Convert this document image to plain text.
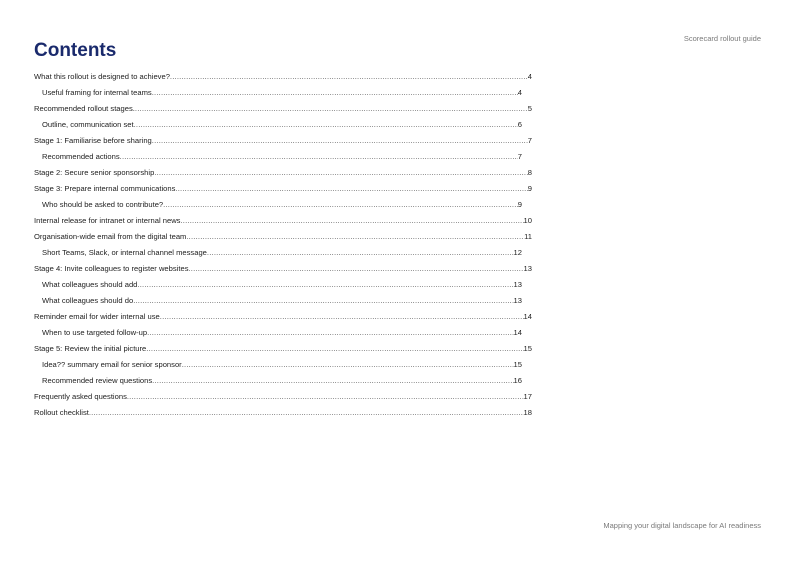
Scorecard rollout guide
Contents
What this rollout is designed to achieve? .....	4
Useful framing for internal teams .....	4
Recommended rollout stages. .....	5
Outline, communication set .....	6
Stage 1: Familiarise before sharing .....	7
Recommended actions .....	7
Stage 2: Secure senior sponsorship .....	8
Stage 3: Prepare internal communications .....	9
Who should be asked to contribute? .....	9
Internal release for intranet or internal news .....	10
Organisation-wide email from the digital team .....	11
Short Teams, Slack, or internal channel message .....	12
Stage 4: Invite colleagues to register websites .....	13
What colleagues should add .....	13
What colleagues should do .....	13
Reminder email for wider internal use .....	14
When to use targeted follow-up .....	14
Stage 5: Review the initial picture .....	15
Idea?? summary email for senior sponsor .....	15
Recommended review questions .....	16
Frequently asked questions .....	17
Rollout checklist .....	18
Mapping your digital landscape for AI readiness
